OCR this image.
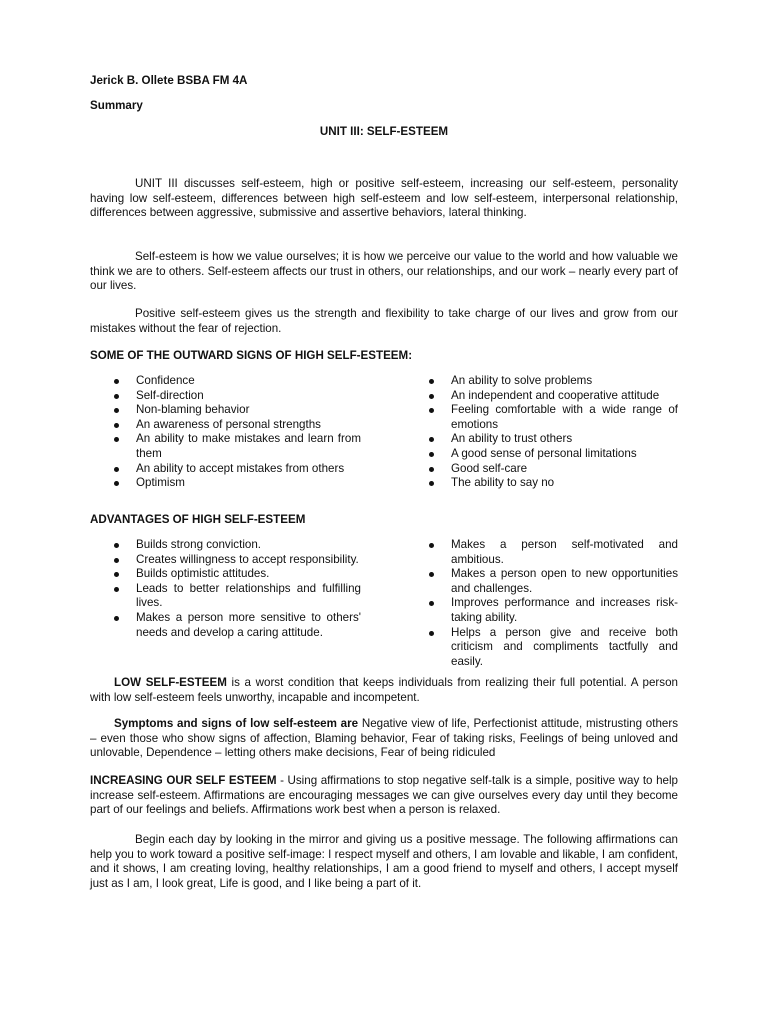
Jerick B. Ollete BSBA FM 4A
Summary
UNIT III: SELF-ESTEEM
UNIT III discusses self-esteem, high or positive self-esteem, increasing our self-esteem, personality having low self-esteem, differences between high self-esteem and low self-esteem, interpersonal relationship, differences between aggressive, submissive and assertive behaviors, lateral thinking.
Self-esteem is how we value ourselves; it is how we perceive our value to the world and how valuable we think we are to others. Self-esteem affects our trust in others, our relationships, and our work – nearly every part of our lives.
Positive self-esteem gives us the strength and flexibility to take charge of our lives and grow from our mistakes without the fear of rejection.
SOME OF THE OUTWARD SIGNS OF HIGH SELF-ESTEEM:
Confidence
Self-direction
Non-blaming behavior
An awareness of personal strengths
An ability to make mistakes and learn from them
An ability to accept mistakes from others
Optimism
An ability to solve problems
An independent and cooperative attitude
Feeling comfortable with a wide range of emotions
An ability to trust others
A good sense of personal limitations
Good self-care
The ability to say no
ADVANTAGES OF HIGH SELF-ESTEEM
Builds strong conviction.
Creates willingness to accept responsibility.
Builds optimistic attitudes.
Leads to better relationships and fulfilling lives.
Makes a person more sensitive to others' needs and develop a caring attitude.
Makes a person self-motivated and ambitious.
Makes a person open to new opportunities and challenges.
Improves performance and increases risk-taking ability.
Helps a person give and receive both criticism and compliments tactfully and easily.
LOW SELF-ESTEEM is a worst condition that keeps individuals from realizing their full potential. A person with low self-esteem feels unworthy, incapable and incompetent.
Symptoms and signs of low self-esteem are Negative view of life, Perfectionist attitude, mistrusting others – even those who show signs of affection, Blaming behavior, Fear of taking risks, Feelings of being unloved and unlovable, Dependence – letting others make decisions, Fear of being ridiculed
INCREASING OUR SELF ESTEEM - Using affirmations to stop negative self-talk is a simple, positive way to help increase self-esteem. Affirmations are encouraging messages we can give ourselves every day until they become part of our feelings and beliefs. Affirmations work best when a person is relaxed.
Begin each day by looking in the mirror and giving us a positive message. The following affirmations can help you to work toward a positive self-image: I respect myself and others, I am lovable and likable, I am confident, and it shows, I am creating loving, healthy relationships, I am a good friend to myself and others, I accept myself just as I am, I look great, Life is good, and I like being a part of it.
